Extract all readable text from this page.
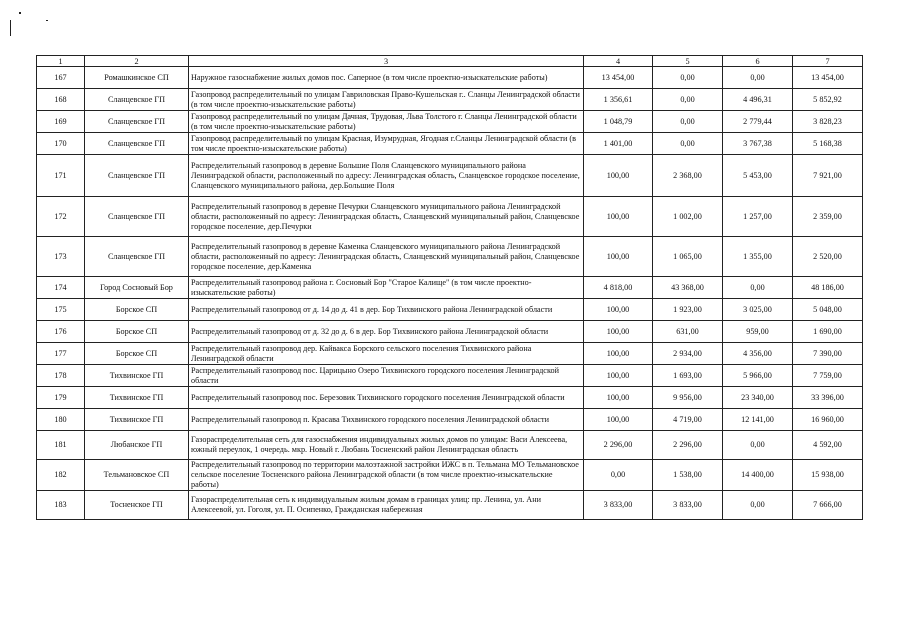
1	2	3	4	5	6	7
167	Ромашкинское СП	Наружное газоснабжение жилых домов пос. Саперное (в том числе проектно-изыскательские работы)	13 454,00	0,00	0,00	13 454,00
168	Сланцевское ГП	Газопровод распределительный по улицам Гавриловская Право-Кушельская г.. Сланцы Ленинградской области (в том числе проектно-изыскательские работы)	1 356,61	0,00	4 496,31	5 852,92
169	Сланцевское ГП	Газопровод распределительный по улицам Дачная, Трудовая, Льва Толстого г. Сланцы Ленинградской области (в том числе проектно-изыскательские работы)	1 048,79	0,00	2 779,44	3 828,23
170	Сланцевское ГП	Газопровод распределительный по улицам Красная, Изумрудная, Ягодная г.Сланцы Ленинградской области (в том числе проектно-изыскательские работы)	1 401,00	0,00	3 767,38	5 168,38
171	Сланцевское ГП	Распределительный газопровод в деревне Большие Поля Сланцевского муниципального района Ленинградской области, расположенный по адресу: Ленинградская область, Сланцевское городское поселение, Сланцевского муниципального района, дер.Большие Поля	100,00	2 368,00	5 453,00	7 921,00
172	Сланцевское ГП	Распределительный газопровод в деревне Печурки Сланцевского муниципального района Ленинградской области, расположенный по адресу: Ленинградская область, Сланцевский муниципальный район, Сланцевское городское поселение, дер.Печурки	100,00	1 002,00	1 257,00	2 359,00
173	Сланцевское ГП	Распределительный газопровод в деревне Каменка Сланцевского муниципального района Ленинградской области, расположенный по адресу: Ленинградская область, Сланцевский муниципальный район, Сланцевское городское поселение, дер.Каменка	100,00	1 065,00	1 355,00	2 520,00
174	Город Сосновый Бор	Распределительный газопровод района г. Сосновый Бор "Старое Калище" (в том числе проектно-изыскательские работы)	4 818,00	43 368,00	0,00	48 186,00
175	Борское СП	Распределительный газопровод от д. 14 до д. 41 в дер. Бор Тихвинского района Ленинградской области	100,00	1 923,00	3 025,00	5 048,00
176	Борское СП	Распределительный газопровод от д. 32 до д. 6 в дер. Бор Тихвинского района Ленинградской области	100,00	631,00	959,00	1 690,00
177	Борское СП	Распределительный газопровод дер. Кайвакса Борского сельского поселения Тихвинского района Ленинградской области	100,00	2 934,00	4 356,00	7 390,00
178	Тихвинское ГП	Распределительный газопровод пос. Царицыно Озеро Тихвинского городского поселения Ленинградской области	100,00	1 693,00	5 966,00	7 759,00
179	Тихвинское ГП	Распределительный газопровод пос. Березовик Тихвинского городского поселения Ленинградской области	100,00	9 956,00	23 340,00	33 396,00
180	Тихвинское ГП	Распределительный газопровод п. Красава Тихвинского городского поселения Ленинградской области	100,00	4 719,00	12 141,00	16 960,00
181	Любанское ГП	Газораспределительная сеть для газоснабжения индивидуальных жилых домов по улицам: Васи Алексеева, южный переулок, 1 очередь. мкр. Новый г. Любань Тосненский район Ленинградская область	2 296,00	2 296,00	0,00	4 592,00
182	Тельмановское СП	Распределительный газопровод по территории малоэтажной застройки ИЖС в п. Тельмана МО Тельмановское сельское поселение Тосненского района Ленинградской области (в том числе проектно-изыскательские работы)	0,00	1 538,00	14 400,00	15 938,00
183	Тосненское ГП	Газораспределительная сеть к индивидуальным жилым домам в границах улиц: пр. Ленина, ул. Ани Алексеевой, ул. Гоголя, ул. П. Осипенко, Гражданская набережная	3 833,00	3 833,00	0,00	7 666,00
